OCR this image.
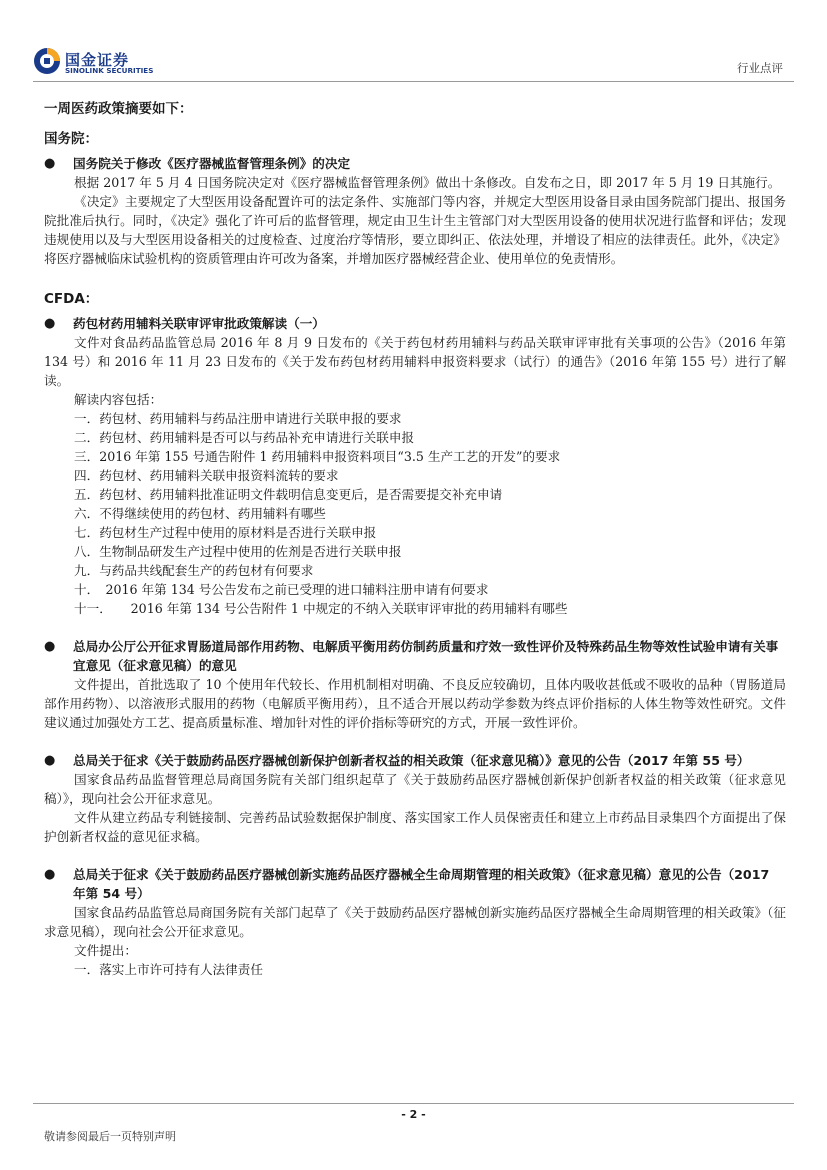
国金证券
SINOLINK SECURITIES	行业点评
一周医药政策摘要如下：
国务院：
● 国务院关于修改《医疗器械监督管理条例》的决定

根据 2017 年 5 月 4 日国务院决定对《医疗器械监督管理条例》做出十条修改。自发布之日，即 2017 年 5 月 19 日其施行。

《决定》主要规定了大型医用设备配置许可的法定条件、实施部门等内容，并规定大型医用设备目录由国务院部门提出、报国务院批准后执行。同时，《决定》强化了许可后的监督管理，规定由卫生计生主管部门对大型医用设备的使用状况进行监督和评估；发现违规使用以及与大型医用设备相关的过度检查、过度治疗等情形，要立即纠正、依法处理，并增设了相应的法律责任。此外，《决定》将医疗器械临床试验机构的资质管理由许可改为备案，并增加医疗器械经营企业、使用单位的免责情形。

CFDA：
● 药包材药用辅料关联审评审批政策解读（一）

文件对食品药品监管总局 2016 年 8 月 9 日发布的《关于药包材药用辅料与药品关联审评审批有关事项的公告》（2016 年第 134 号）和 2016 年 11 月 23 日发布的《关于发布药包材药用辅料申报资料要求（试行）的通告》（2016 年第 155 号）进行了解读。

解读内容包括：

一．药包材、药用辅料与药品注册申请进行关联申报的要求
二．药包材、药用辅料是否可以与药品补充申请进行关联申报
三．2016 年第 155 号通告附件 1 药用辅料申报资料项目“3.5 生产工艺的开发”的要求
四．药包材、药用辅料关联申报资料流转的要求
五．药包材、药用辅料批准证明文件载明信息变更后，是否需要提交补充申请
六．不得继续使用的药包材、药用辅料有哪些
七．药包材生产过程中使用的原材料是否进行关联申报
八．生物制品研发生产过程中使用的佐剂是否进行关联申报
九．与药品共线配套生产的药包材有何要求
十．　2016 年第 134 号公告发布之前已受理的进口辅料注册申请有何要求
十一．　　2016 年第 134 号公告附件 1 中规定的不纳入关联审评审批的药用辅料有哪些
● 总局办公厅公开征求胃肠道局部作用药物、电解质平衡用药仿制药质量和疗效一致性评价及特殊药品生物等效性试验申请有关事宜意见（征求意见稿）的意见

文件提出，首批选取了 10 个使用年代较长、作用机制相对明确、不良反应较确切，且体内吸收甚低或不吸收的品种（胃肠道局部作用药物）、以溶液形式服用的药物（电解质平衡用药），且不适合开展以药动学参数为终点评价指标的人体生物等效性研究。文件建议通过加强处方工艺、提高质量标准、增加针对性的评价指标等研究的方式，开展一致性评价。

● 总局关于征求《关于鼓励药品医疗器械创新保护创新者权益的相关政策（征求意见稿）》意见的公告（2017 年第 55 号）

国家食品药品监督管理总局商国务院有关部门组织起草了《关于鼓励药品医疗器械创新保护创新者权益的相关政策（征求意见稿）》，现向社会公开征求意见。

文件从建立药品专利链接制、完善药品试验数据保护制度、落实国家工作人员保密责任和建立上市药品目录集四个方面提出了保护创新者权益的意见征求稿。

● 总局关于征求《关于鼓励药品医疗器械创新实施药品医疗器械全生命周期管理的相关政策》（征求意见稿）意见的公告（2017 年第 54 号）

国家食品药品监管总局商国务院有关部门起草了《关于鼓励药品医疗器械创新实施药品医疗器械全生命周期管理的相关政策》（征求意见稿），现向社会公开征求意见。

文件提出：

一．落实上市许可持有人法律责任

- 2 -
敬请参阅最后一页特别声明
